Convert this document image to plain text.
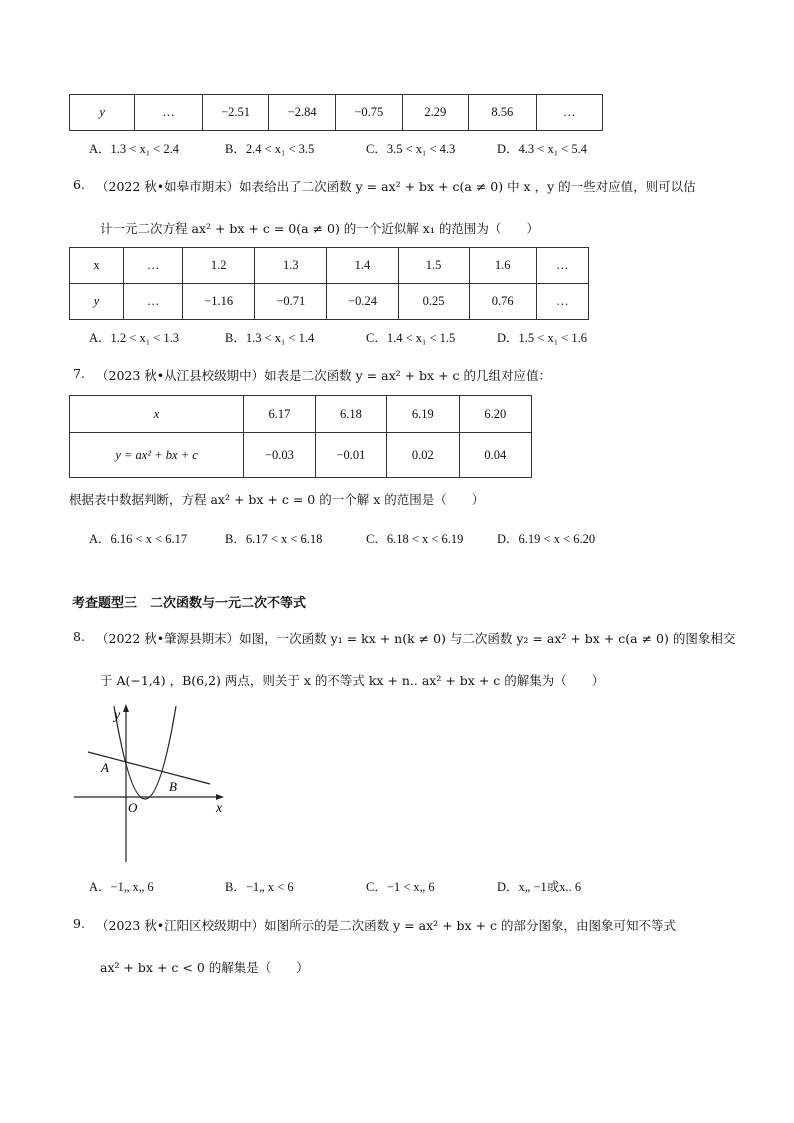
y	…	−2.51	−2.84	−0.75	2.29	8.56	…
A．1.3 < x₁ < 2.4	B．2.4 < x₁ < 3.5	C．3.5 < x₁ < 4.3	D．4.3 < x₁ < 5.4
6. （2022 秋•如皋市期末）如表给出了二次函数 y = ax² + bx + c(a ≠ 0) 中 x ，y 的一些对应值，则可以估
计一元二次方程 ax² + bx + c = 0(a ≠ 0) 的一个近似解 x₁ 的范围为（　　）
x	…	1.2	1.3	1.4	1.5	1.6	…
y	…	−1.16	−0.71	−0.24	0.25	0.76	…
A．1.2 < x₁ < 1.3	B．1.3 < x₁ < 1.4	C．1.4 < x₁ < 1.5	D．1.5 < x₁ < 1.6
7. （2023 秋•从江县校级期中）如表是二次函数 y = ax² + bx + c 的几组对应值：
x	6.17	6.18	6.19	6.20
y = ax² + bx + c	−0.03	−0.01	0.02	0.04
根据表中数据判断，方程 ax² + bx + c = 0 的一个解 x 的范围是（　　）
A．6.16 < x < 6.17	B．6.17 < x < 6.18	C．6.18 < x < 6.19	D．6.19 < x < 6.20
考查题型三　二次函数与一元二次不等式
8. （2022 秋•肇源县期末）如图，一次函数 y₁ = kx + n(k ≠ 0) 与二次函数 y₂ = ax² + bx + c(a ≠ 0) 的图象相交
于 A(−1,4) ，B(6,2) 两点，则关于 x 的不等式 kx + n.. ax² + bx + c 的解集为（　　）
y
x
O
A
B
A．−1„ x„ 6	B．−1„ x < 6	C．−1 < x„ 6	D．x„ −1或x.. 6
9. （2023 秋•江阳区校级期中）如图所示的是二次函数 y = ax² + bx + c 的部分图象，由图象可知不等式
ax² + bx + c < 0 的解集是（　　）
